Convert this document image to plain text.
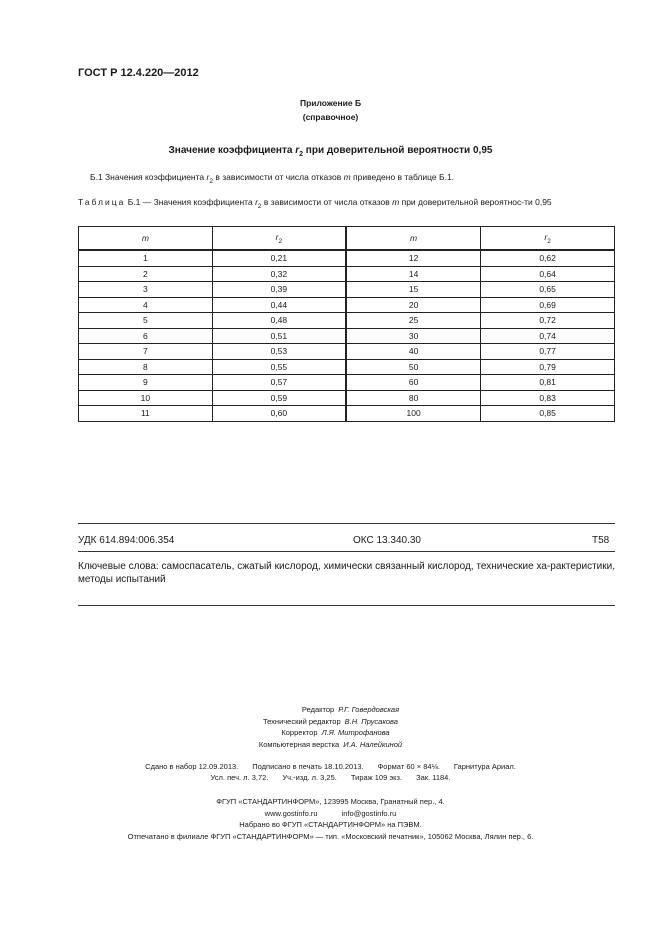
ГОСТ Р 12.4.220—2012
Приложение Б
(справочное)
Значение коэффициента $r_2$ при доверительной вероятности 0,95
Б.1 Значения коэффициента $r_2$ в зависимости от числа отказов m приведено в таблице Б.1.
Таблица Б.1 — Значения коэффициента $r_2$ в зависимости от числа отказов m при доверительной вероятнос-ти 0,95
m	$r_2$	m	$r_2$
1	0,21	12	0,62
2	0,32	14	0,64
3	0,39	15	0,65
4	0,44	20	0,69
5	0,48	25	0,72
6	0,51	30	0,74
7	0,53	40	0,77
8	0,55	50	0,79
9	0,57	60	0,81
10	0,59	80	0,83
11	0,60	100	0,85
УДК 614.894:006.354	ОКС 13.340.30	Т58
Ключевые слова: самоспасатель, сжатый кислород, химически связанный кислород, технические ха-рактеристики, методы испытаний
Редактор Р.Г. Говердовская
Технический редактор В.Н. Прусакова
Корректор Л.Я. Митрофанова
Компьютерная верстка И.А. Налейкиной
Сдано в набор 12.09.2013. Подписано в печать 18.10.2013. Формат 60 × 84⅛. Гарнитура Ариал.
Усл. печ. л. 3,72. Уч.-изд. л. 3,25. Тираж 109 экз. Зак. 1184.
ФГУП «СТАНДАРТИНФОРМ», 123995 Москва, Гранатный пер., 4.
www.gostinfo.ru	info@gostinfo.ru
Набрано во ФГУП «СТАНДАРТИНФОРМ» на ПЭВМ.
Отпечатано в филиале ФГУП «СТАНДАРТИНФОРМ» — тип. «Московский печатник», 105062 Москва, Лялин пер., 6.
